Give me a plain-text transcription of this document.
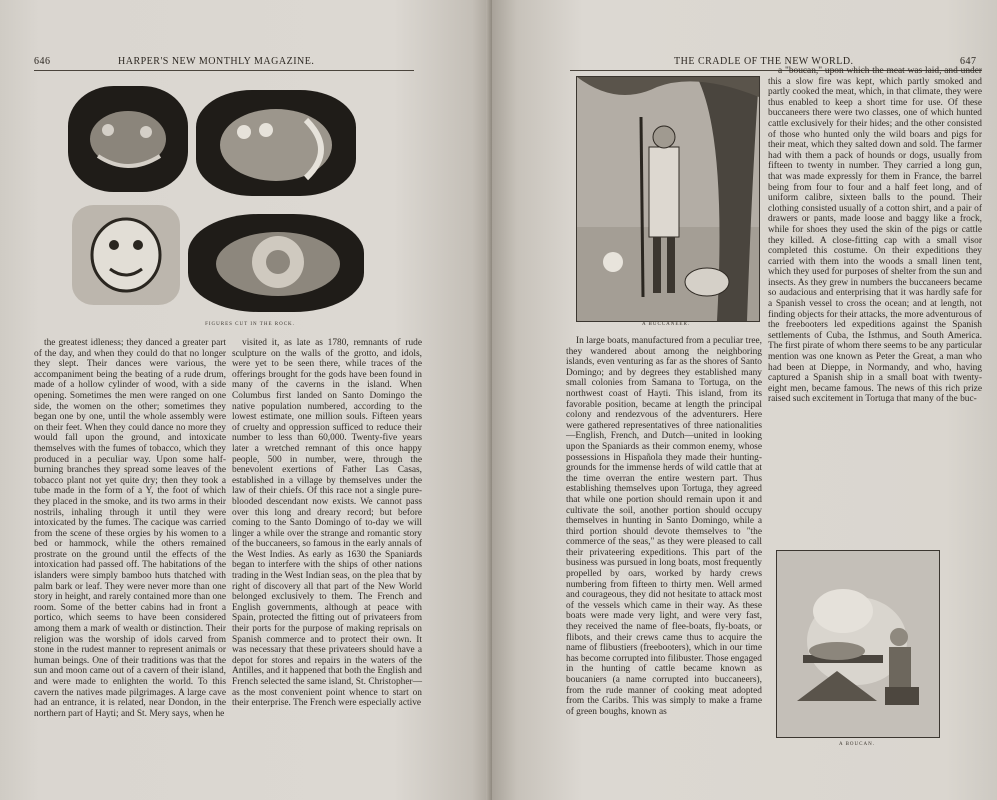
646	HARPER'S NEW MONTHLY MAGAZINE.
FIGURES CUT IN THE ROCK.

the greatest idleness; they danced a greater part of the day, and when they could do that no longer they slept. Their dances were various, the accompaniment being the beating of a rude drum, made of a hollow cylinder of wood, with a side opening. Sometimes the men were ranged on one side, the women on the other; sometimes they began one by one, until the whole assembly were on their feet. When they could dance no more they would fall upon the ground, and intoxicate themselves with the fumes of tobacco, which they produced in a peculiar way. Upon some half-burning branches they spread some leaves of the tobacco plant not yet quite dry; then they took a tube made in the form of a Y, the foot of which they placed in the smoke, and its two arms in their nostrils, inhaling through it until they were intoxicated by the fumes. The cacique was carried from the scene of these orgies by his women to a bed or hammock, while the others remained prostrate on the ground until the effects of the intoxication had passed off. The habitations of the islanders were simply bamboo huts thatched with palm bark or leaf. They were never more than one story in height, and rarely contained more than one room. Some of the better cabins had in front a portico, which seems to have been considered among them a mark of wealth or distinction. Their religion was the worship of idols carved from stone in the rudest manner to represent animals or human beings. One of their traditions was that the sun and moon came out of a cavern of their island, and were made to enlighten the world. To this cavern the natives made pilgrimages. A large cave had an entrance, it is related, near Dondon, in the northern part of Hayti; and St. Mery says, when he

visited it, as late as 1780, remnants of rude sculpture on the walls of the grotto, and idols, were yet to be seen there, while traces of the offerings brought for the gods have been found in many of the caverns in the island. When Columbus first landed on Santo Domingo the native population numbered, according to the lowest estimate, one million souls. Fifteen years of cruelty and oppression sufficed to reduce their number to less than 60,000. Twenty-five years later a wretched remnant of this once happy people, 500 in number, were, through the benevolent exertions of Father Las Casas, established in a village by themselves under the law of their chiefs. Of this race not a single pure-blooded descendant now exists. We cannot pass over this long and dreary record; but before coming to the Santo Domingo of to-day we will linger a while over the strange and romantic story of the buccaneers, so famous in the early annals of the West Indies. As early as 1630 the Spaniards began to interfere with the ships of other nations trading in the West Indian seas, on the plea that by right of discovery all that part of the New World belonged exclusively to them. The French and English governments, although at peace with Spain, protected the fitting out of privateers from their ports for the purpose of making reprisals on Spanish commerce and to protect their own. It was necessary that these privateers should have a depot for stores and repairs in the waters of the Antilles, and it happened that both the English and French selected the same island, St. Christopher—as the most convenient point whence to start on their enterprise. The French were especially active

THE CRADLE OF THE NEW WORLD.	647
A BUCCANEER.

a "boucan," upon which the meat was laid, and under this a slow fire was kept, which partly smoked and partly cooked the meat, which, in that climate, they were thus enabled to keep a short time for use. Of these buccaneers there were two classes, one of which hunted cattle exclusively for their hides; and the other consisted of those who hunted only the wild boars and pigs for their meat, which they salted down and sold. The farmer had with them a pack of hounds or dogs, usually from fifteen to twenty in number. They carried a long gun, that was made expressly for them in France, the barrel being from four to four and a half feet long, and of uniform calibre, sixteen balls to the pound. Their clothing consisted usually of a cotton shirt, and a pair of drawers or pants, made loose and baggy like a frock, while for shoes they used the skin of the pigs or cattle they killed. A close-fitting cap with a small visor completed this costume. On their expeditions they carried with them into the woods a small linen tent, which they used for purposes of shelter from the sun and insects. As they grew in numbers the buccaneers became so audacious and enterprising that it was hardly safe for a Spanish vessel to cross the ocean; and at length, not finding objects for their attacks, the more adventurous of the freebooters led expeditions against the Spanish settlements of Cuba, the Isthmus, and South America. The first pirate of whom there seems to be any particular mention was one known as Peter the Great, a man who had been at Dieppe, in Normandy, and who, having captured a Spanish ship in a small boat with twenty-eight men, became famous. The news of this rich prize raised such excitement in Tortuga that many of the buc-

In large boats, manufactured from a peculiar tree, they wandered about among the neighboring islands, even venturing as far as the shores of Santo Domingo; and by degrees they established many small colonies from Samana to Tortuga, on the northwest coast of Hayti. This island, from its favorable position, became at length the principal colony and rendezvous of the adventurers. Here were gathered representatives of three nationalities—English, French, and Dutch—united in looking upon the Spaniards as their common enemy, whose possessions in Hispañola they made their hunting-grounds for the immense herds of wild cattle that at the time overran the entire western part. Thus establishing themselves upon Tortuga, they agreed that while one portion should remain upon it and cultivate the soil, another portion should occupy themselves in hunting in Santo Domingo, while a third portion should devote themselves to "the commerce of the seas," as they were pleased to call their privateering expeditions. This part of the business was pursued in long boats, most frequently propelled by oars, worked by hardy crews numbering from fifteen to thirty men. Well armed and courageous, they did not hesitate to attack most of the vessels which came in their way. As these boats were made very light, and were very fast, they received the name of flee-boats, fly-boats, or flibots, and their crews came thus to acquire the name of flibustiers (freebooters), which in our time has become corrupted into filibuster. Those engaged in the hunting of cattle became known as boucaniers (a name corrupted into buccaneers), from the rude manner of cooking meat adopted from the Caribs. This was simply to make a frame of green boughs, known as

A BOUCAN.
